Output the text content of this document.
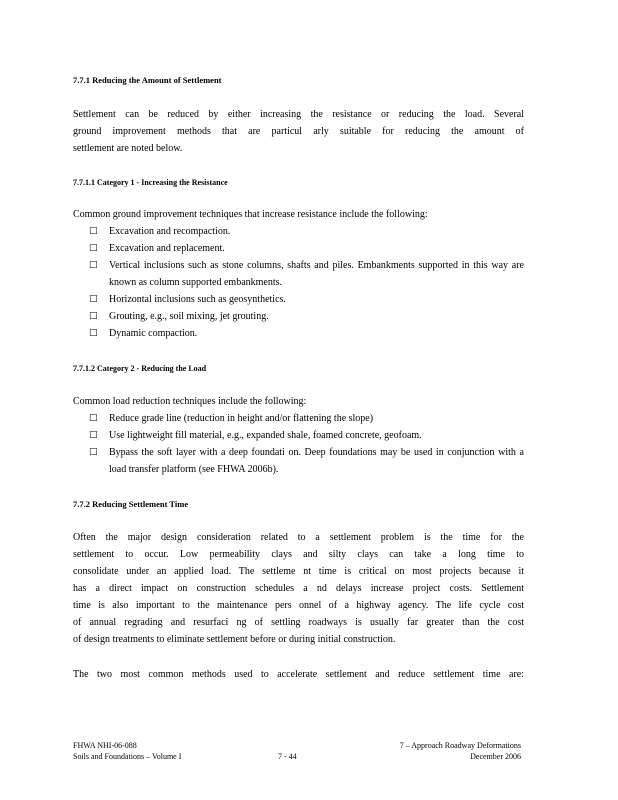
7.7.1 Reducing the Amount of Settlement
Settlement can be reduced by either increasing the resistance or reducing the load. Several
ground improvement methods that are particul arly suitable for reducing the amount of
settlement are noted below.
7.7.1.1 Category 1 - Increasing the Resistance
Common ground improvement techniques that increase resistance include the following:
□ Excavation and recompaction.
□ Excavation and replacement.
□ Vertical inclusions such as stone columns, shafts and piles. Embankments supported in this way are known as column supported embankments.
□ Horizontal inclusions such as geosynthetics.
□ Grouting, e.g., soil mixing, jet grouting.
□ Dynamic compaction.
7.7.1.2 Category 2 - Reducing the Load
Common load reduction techniques include the following:
□ Reduce grade line (reduction in height and/or flattening the slope)
□ Use lightweight fill material, e.g., expanded shale, foamed concrete, geofoam.
□ Bypass the soft layer with a deep foundati on. Deep foundations may be used in conjunction with a load transfer platform (see FHWA 2006b).
7.7.2 Reducing Settlement Time
Often the major design consideration related to a settlement problem is the time for the
settlement to occur. Low permeability clays and silty clays can take a long time to
consolidate under an applied load. The settleme nt time is critical on most projects because it
has a direct impact on construction schedules a nd delays increase project costs. Settlement
time is also important to the maintenance pers onnel of a highway agency. The life cycle cost
of annual regrading and resurfaci ng of settling roadways is usually far greater than the cost
of design treatments to eliminate settlement before or during initial construction.
The two most common methods used to accelerate settlement and reduce settlement time are:
FHWA NHI-06-088
Soils and Foundations – Volume I	7 - 44
7 – Approach Roadway Deformations
December 2006
